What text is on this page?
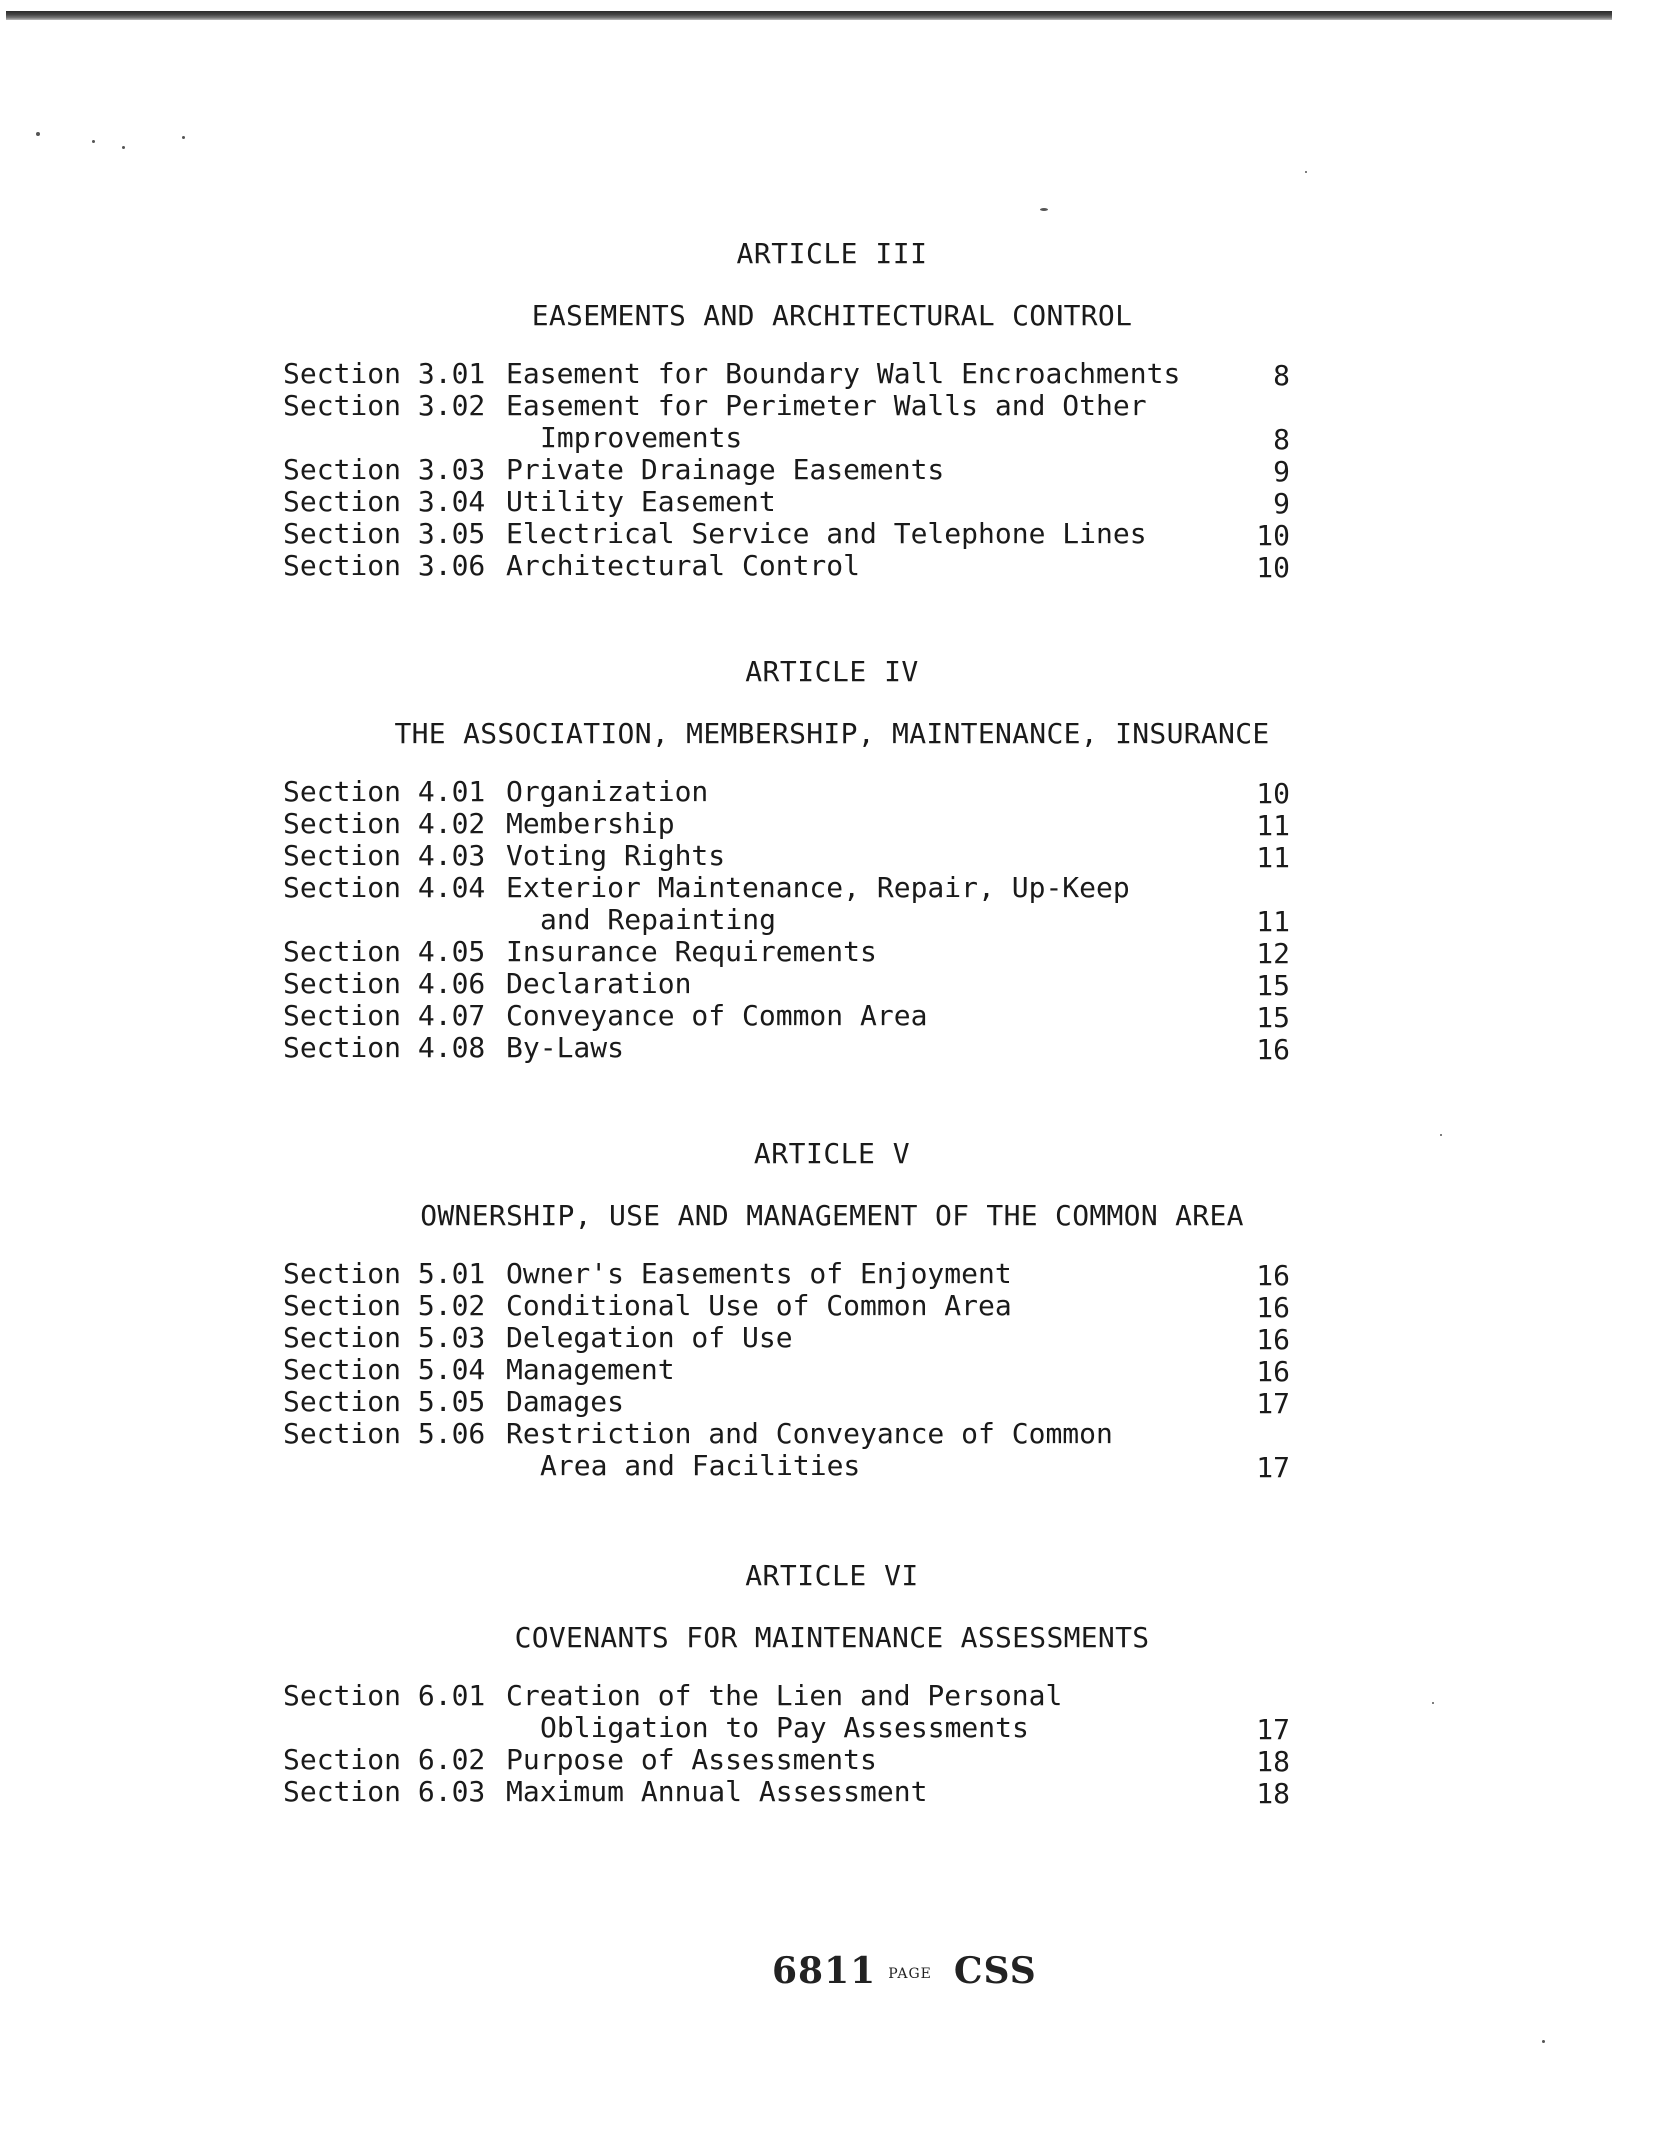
ARTICLE III
EASEMENTS AND ARCHITECTURAL CONTROL
Section 3.01 Easement for Boundary Wall Encroachments	8
Section 3.02 Easement for Perimeter Walls and Other
Improvements	8
Section 3.03 Private Drainage Easements	9
Section 3.04 Utility Easement	9
Section 3.05 Electrical Service and Telephone Lines	10
Section 3.06 Architectural Control	10
ARTICLE IV
THE ASSOCIATION, MEMBERSHIP, MAINTENANCE, INSURANCE
Section 4.01 Organization	10
Section 4.02 Membership	11
Section 4.03 Voting Rights	11
Section 4.04 Exterior Maintenance, Repair, Up-Keep
and Repainting	11
Section 4.05 Insurance Requirements	12
Section 4.06 Declaration	15
Section 4.07 Conveyance of Common Area	15
Section 4.08 By-Laws	16
ARTICLE V
OWNERSHIP, USE AND MANAGEMENT OF THE COMMON AREA
Section 5.01 Owner's Easements of Enjoyment	16
Section 5.02 Conditional Use of Common Area	16
Section 5.03 Delegation of Use	16
Section 5.04 Management	16
Section 5.05 Damages	17
Section 5.06 Restriction and Conveyance of Common
Area and Facilities	17
ARTICLE VI
COVENANTS FOR MAINTENANCE ASSESSMENTS
Section 6.01 Creation of the Lien and Personal
Obligation to Pay Assessments	17
Section 6.02 Purpose of Assessments	18
Section 6.03 Maximum Annual Assessment	18
6811 PAGE CSS
